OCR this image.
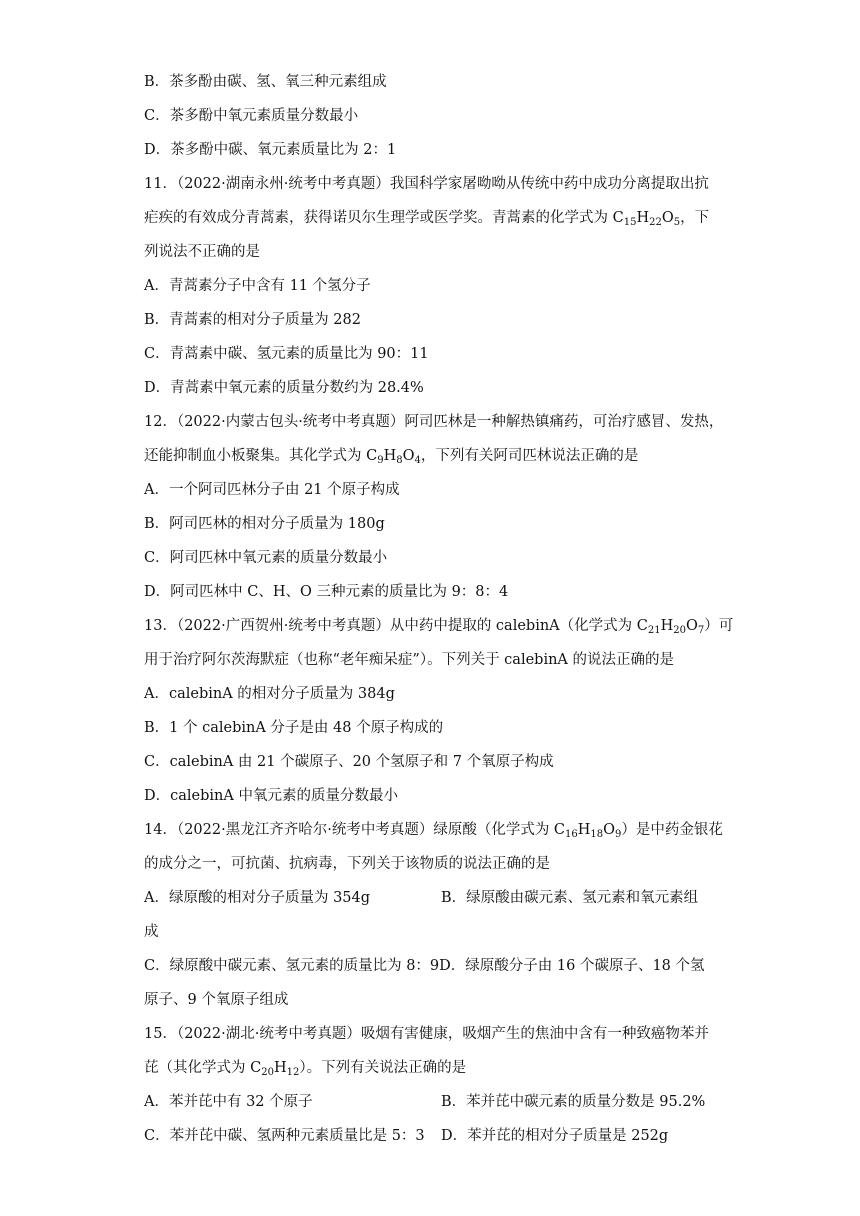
B．茶多酚由碳、氢、氧三种元素组成
C．茶多酚中氧元素质量分数最小
D．茶多酚中碳、氧元素质量比为 2：1
11．（2022·湖南永州·统考中考真题）我国科学家屠呦呦从传统中药中成功分离提取出抗
疟疾的有效成分青蒿素，获得诺贝尔生理学或医学奖。青蒿素的化学式为 $C_{15}H_{22}O_5$，下
列说法不正确的是
A．青蒿素分子中含有 11 个氢分子
B．青蒿素的相对分子质量为 282
C．青蒿素中碳、氢元素的质量比为 90：11
D．青蒿素中氧元素的质量分数约为 28.4%
12．（2022·内蒙古包头·统考中考真题）阿司匹林是一种解热镇痛药，可治疗感冒、发热，
还能抑制血小板聚集。其化学式为 $C_9H_8O_4$，下列有关阿司匹林说法正确的是
A．一个阿司匹林分子由 21 个原子构成
B．阿司匹林的相对分子质量为 180g
C．阿司匹林中氧元素的质量分数最小
D．阿司匹林中 C、H、O 三种元素的质量比为 9：8：4
13．（2022·广西贺州·统考中考真题）从中药中提取的 calebinA（化学式为 $C_{21}H_{20}O_7$）可
用于治疗阿尔茨海默症（也称“老年痴呆症”）。下列关于 calebinA 的说法正确的是
A．calebinA 的相对分子质量为 384g
B．1 个 calebinA 分子是由 48 个原子构成的
C．calebinA 由 21 个碳原子、20 个氢原子和 7 个氧原子构成
D．calebinA 中氧元素的质量分数最小
14．（2022·黑龙江齐齐哈尔·统考中考真题）绿原酸（化学式为 $C_{16}H_{18}O_9$）是中药金银花
的成分之一，可抗菌、抗病毒，下列关于该物质的说法正确的是
A．绿原酸的相对分子质量为 354g	B．绿原酸由碳元素、氢元素和氧元素组
成
C．绿原酸中碳元素、氢元素的质量比为 8：9D．绿原酸分子由 16 个碳原子、18 个氢
原子、9 个氧原子组成
15．（2022·湖北·统考中考真题）吸烟有害健康，吸烟产生的焦油中含有一种致癌物苯并
芘（其化学式为 $C_{20}H_{12}$）。下列有关说法正确的是
A．苯并芘中有 32 个原子	B．苯并芘中碳元素的质量分数是 95.2%
C．苯并芘中碳、氢两种元素质量比是 5：3 D．苯并芘的相对分子质量是 252g
